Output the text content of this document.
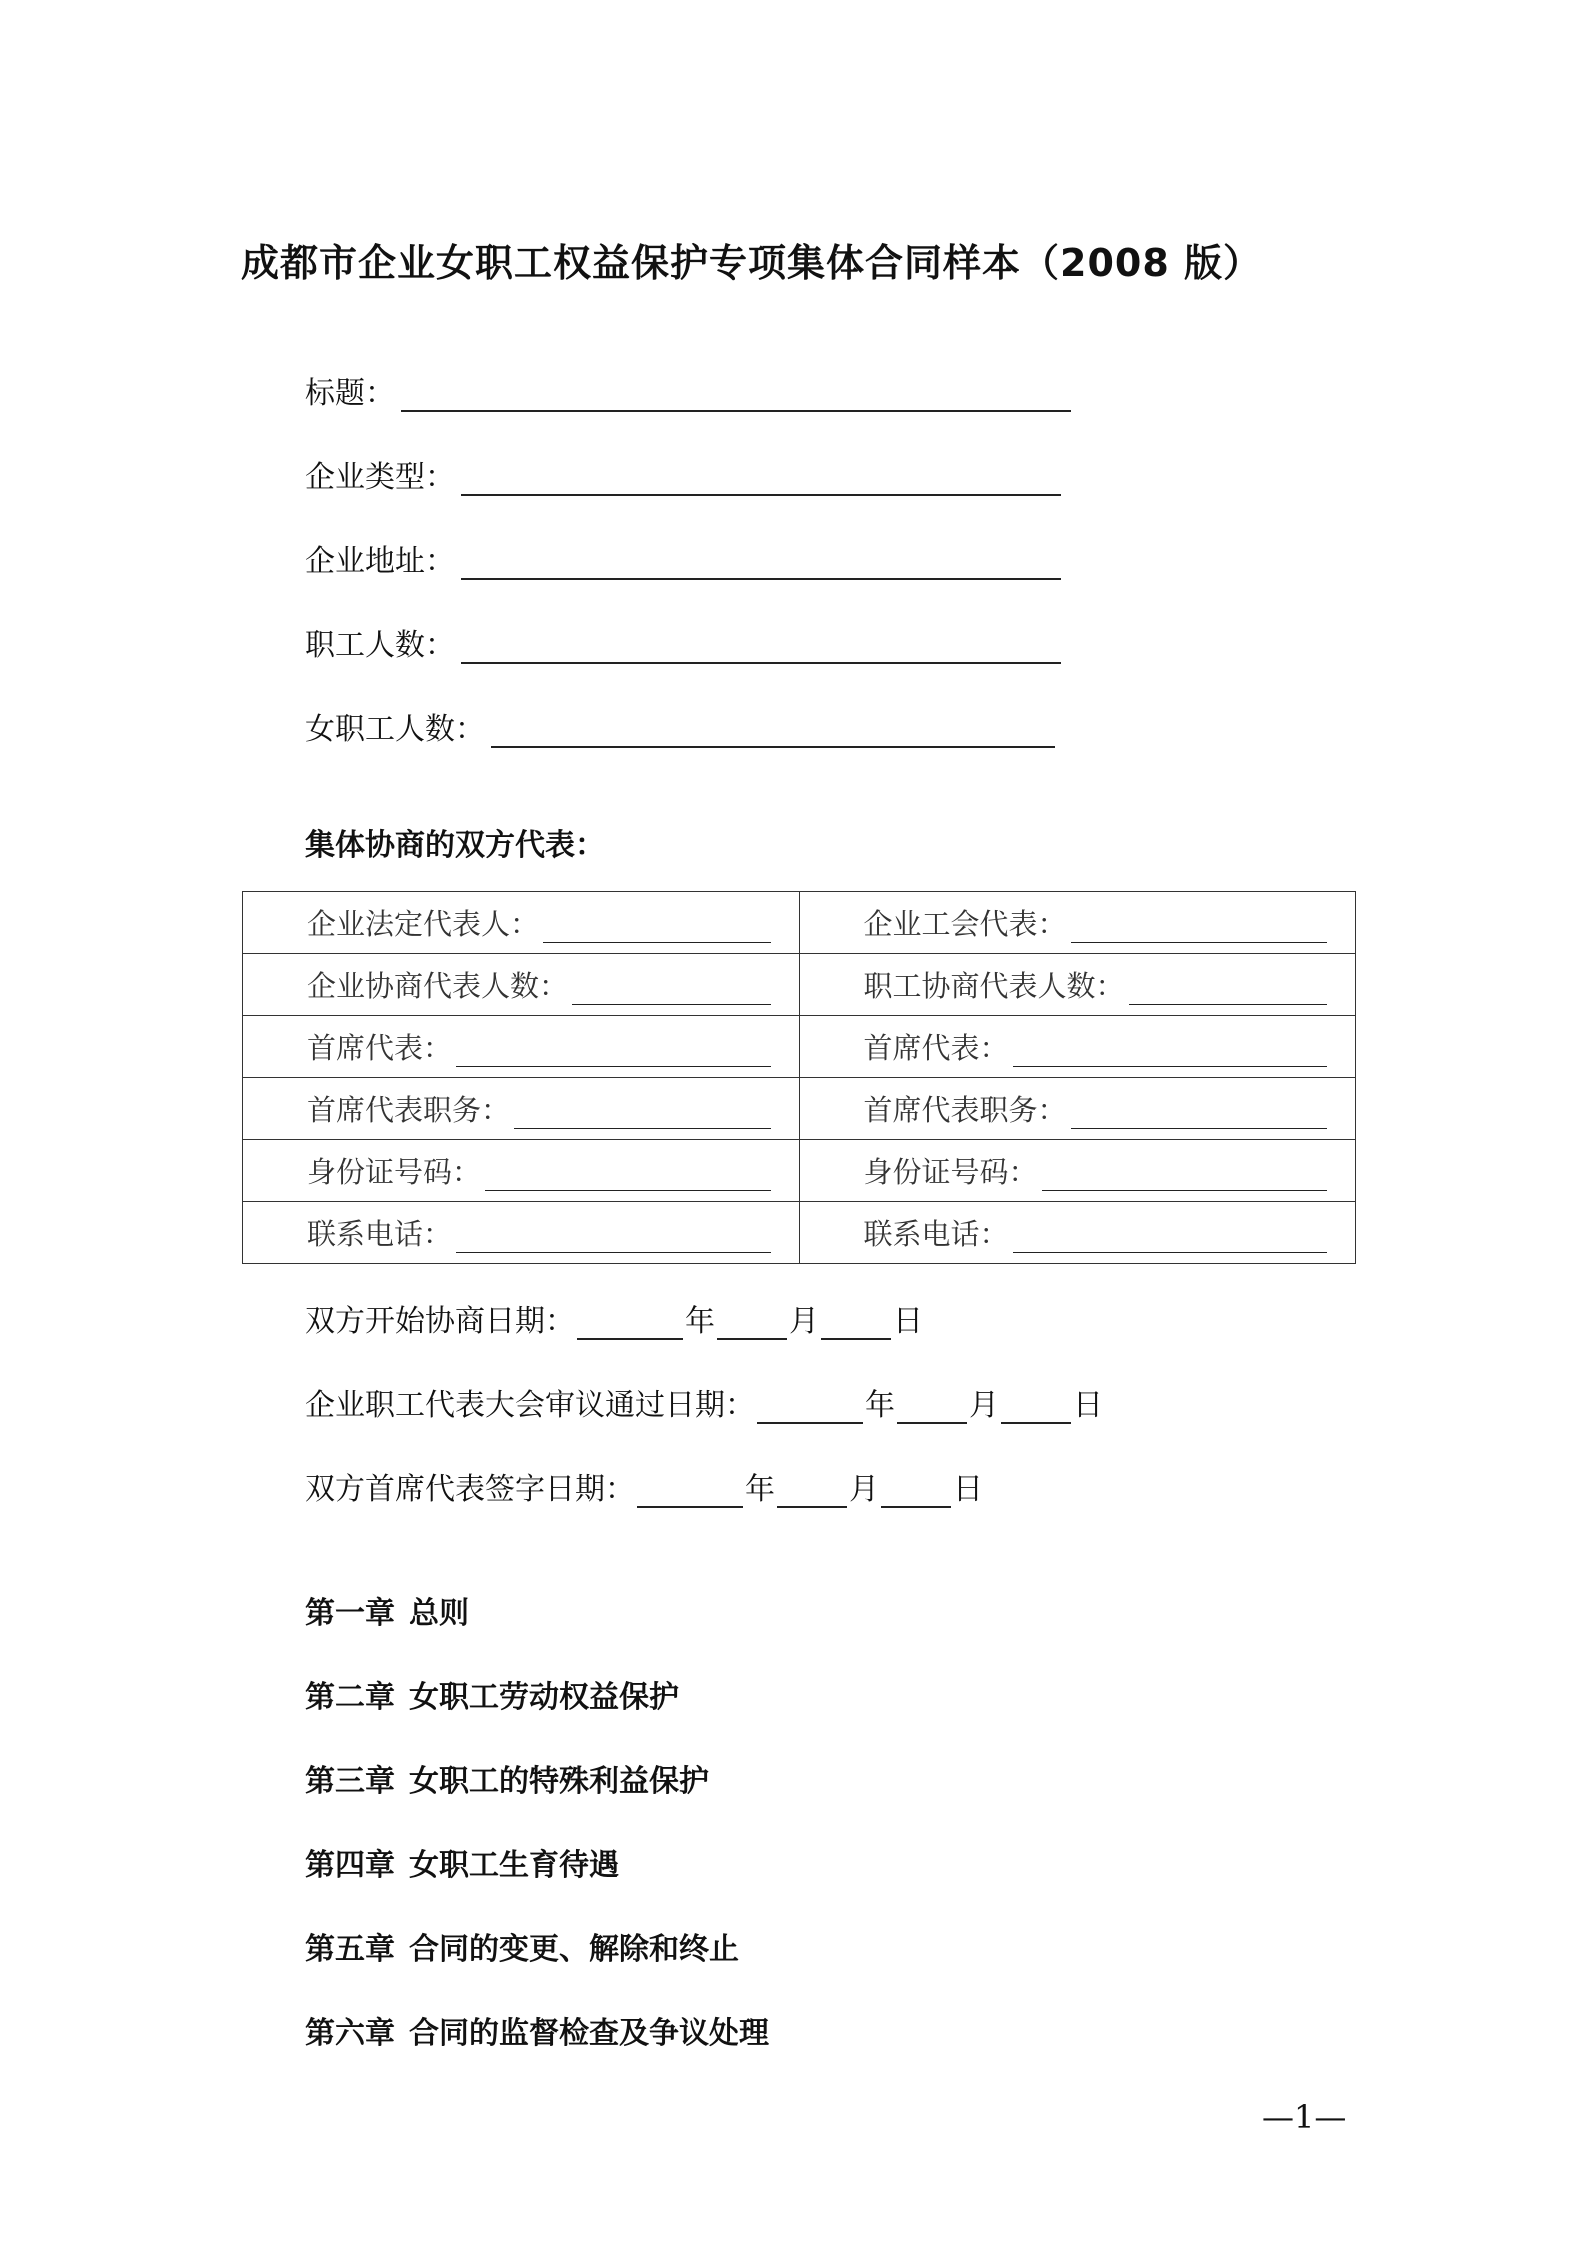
成都市企业女职工权益保护专项集体合同样本（2008 版）
标题：
企业类型：
企业地址：
职工人数：
女职工人数：
集体协商的双方代表：
企业法定代表人：	企业工会代表：

企业协商代表人数：	职工协商代表人数：

首席代表：	首席代表：

首席代表职务：	首席代表职务：

身份证号码：	身份证号码：

联系电话：	联系电话：
双方开始协商日期：	年 月 日
企业职工代表大会审议通过日期：	年 月 日
双方首席代表签字日期：	年 月 日
第一章 总则
第二章 女职工劳动权益保护
第三章 女职工的特殊利益保护
第四章 女职工生育待遇
第五章 合同的变更、解除和终止
第六章 合同的监督检查及争议处理
—1—
